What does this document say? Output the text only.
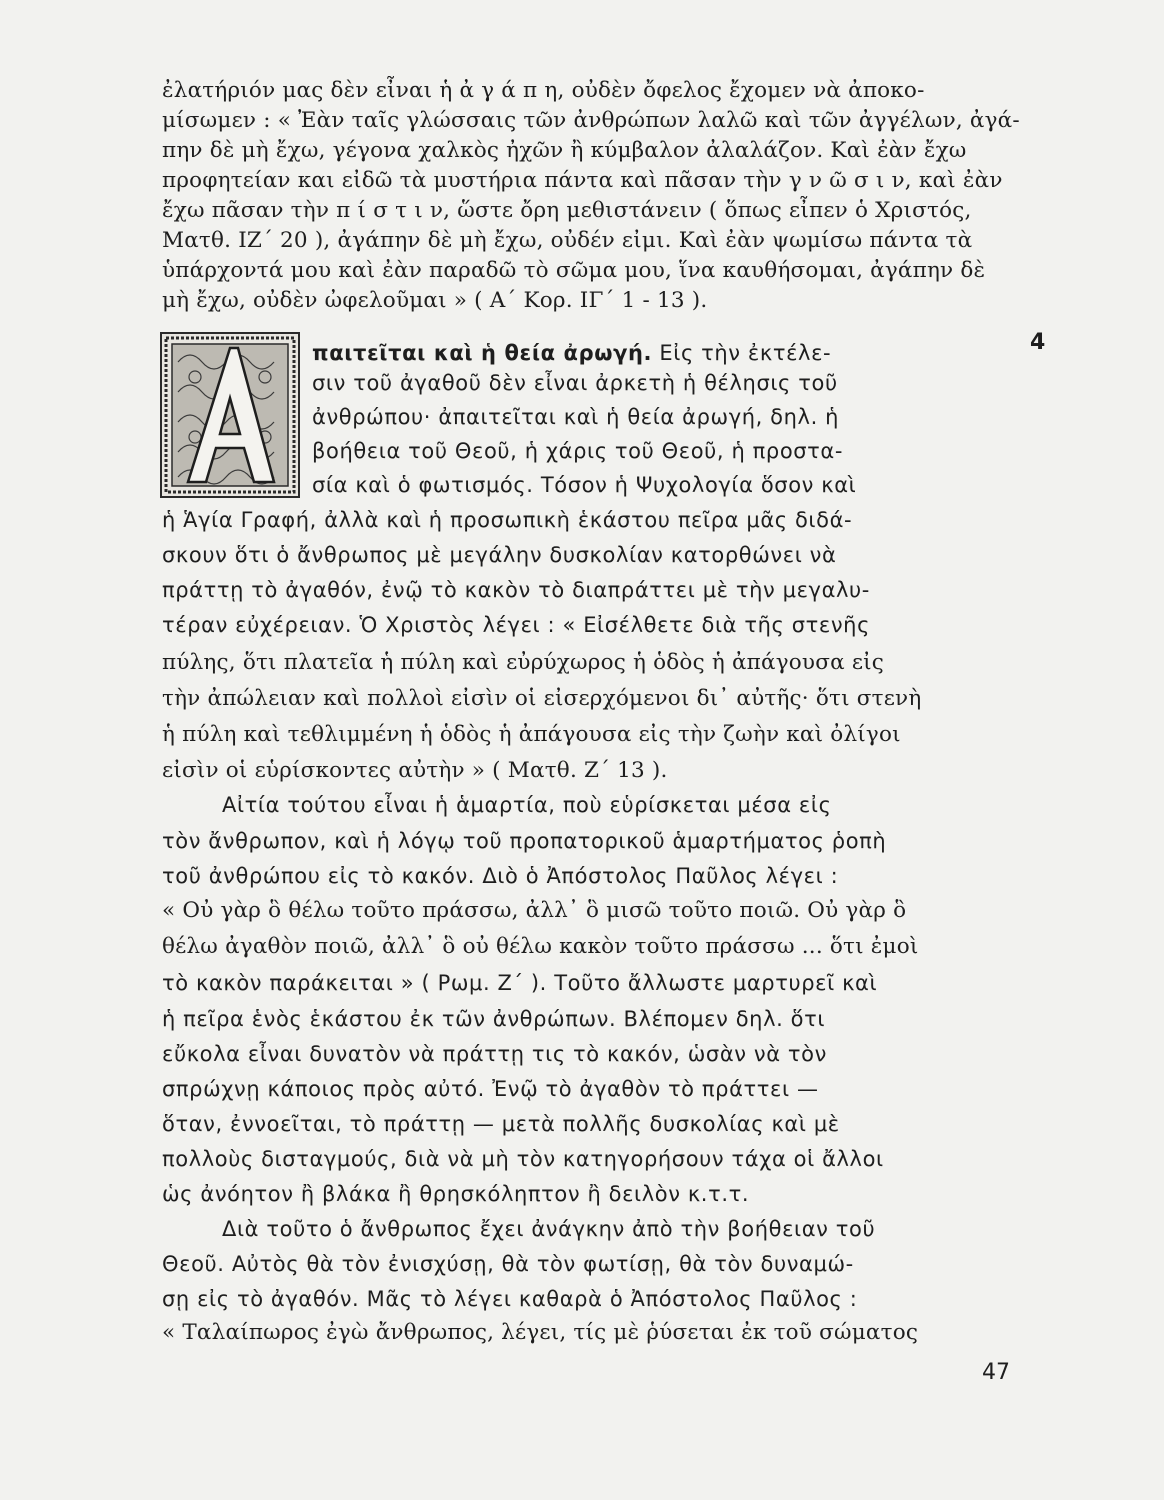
ἐλατήριόν μας δὲν εἶναι ἡ ἀ γ ά π η, οὐδὲν ὄφελος ἔχομεν νὰ ἀποκο-
μίσωμεν : « Ἐὰν ταῖς γλώσσαις τῶν ἀνθρώπων λαλῶ καὶ τῶν ἀγγέλων, ἀγά-
πην δὲ μὴ ἔχω, γέγονα χαλκὸς ἠχῶν ἢ κύμβαλον ἀλαλάζον. Καὶ ἐὰν ἔχω
προφητείαν και εἰδῶ τὰ μυστήρια πάντα καὶ πᾶσαν τὴν γ ν ῶ σ ι ν, καὶ ἐὰν
ἔχω πᾶσαν τὴν π ί σ τ ι ν, ὥστε ὄρη μεθιστάνειν ( ὅπως εἶπεν ὁ Χριστός,
Ματθ. ΙΖ΄ 20 ), ἀγάπην δὲ μὴ ἔχω, οὐδέν εἰμι. Καὶ ἐὰν ψωμίσω πάντα τὰ
ὑπάρχοντά μου καὶ ἐὰν παραδῶ τὸ σῶμα μου, ἵνα καυθήσομαι, ἀγάπην δὲ
μὴ ἔχω, οὐδὲν ὠφελοῦμαι » ( Α΄ Κορ. ΙΓ΄ 1 - 13 ).
παιτεῖται καὶ ἡ θεία ἀρωγή. Εἰς τὴν ἐκτέλε-	4
σιν τοῦ ἀγαθοῦ δὲν εἶναι ἀρκετὴ ἡ θέλησις τοῦ
ἀνθρώπου· ἀπαιτεῖται καὶ ἡ θεία ἀρωγή, δηλ. ἡ
βοήθεια τοῦ Θεοῦ, ἡ χάρις τοῦ Θεοῦ, ἡ προστα-
σία καὶ ὁ φωτισμός. Τόσον ἡ Ψυχολογία ὅσον καὶ
ἡ Ἁγία Γραφή, ἀλλὰ καὶ ἡ προσωπικὴ ἑκάστου πεῖρα μᾶς διδά-
σκουν ὅτι ὁ ἄνθρωπος μὲ μεγάλην δυσκολίαν κατορθώνει νὰ
πράττῃ τὸ ἀγαθόν, ἐνῷ τὸ κακὸν τὸ διαπράττει μὲ τὴν μεγαλυ-
τέραν εὐχέρειαν. Ὁ Χριστὸς λέγει : « Εἰσέλθετε διὰ τῆς στενῆς
πύλης, ὅτι πλατεῖα ἡ πύλη καὶ εὐρύχωρος ἡ ὁδὸς ἡ ἀπάγουσα εἰς
τὴν ἀπώλειαν καὶ πολλοὶ εἰσὶν οἱ εἰσερχόμενοι δι᾿ αὐτῆς· ὅτι στενὴ
ἡ πύλη καὶ τεθλιμμένη ἡ ὁδὸς ἡ ἀπάγουσα εἰς τὴν ζωὴν καὶ ὀλίγοι
εἰσὶν οἱ εὑρίσκοντες αὐτὴν » ( Ματθ. Ζ΄ 13 ).
Αἰτία τούτου εἶναι ἡ ἁμαρτία, ποὺ εὑρίσκεται μέσα εἰς
τὸν ἄνθρωπον, καὶ ἡ λόγῳ τοῦ προπατορικοῦ ἁμαρτήματος ῥοπὴ
τοῦ ἀνθρώπου εἰς τὸ κακόν. Διὸ ὁ Ἀπόστολος Παῦλος λέγει :
« Οὐ γὰρ ὃ θέλω τοῦτο πράσσω, ἀλλ᾿ ὃ μισῶ τοῦτο ποιῶ. Οὐ γὰρ ὃ
θέλω ἀγαθὸν ποιῶ, ἀλλ᾿ ὃ οὐ θέλω κακὸν τοῦτο πράσσω ... ὅτι ἐμοὶ
τὸ κακὸν παράκειται » ( Ρωμ. Ζ΄ ). Τοῦτο ἄλλωστε μαρτυρεῖ καὶ
ἡ πεῖρα ἑνὸς ἑκάστου ἐκ τῶν ἀνθρώπων. Βλέπομεν δηλ. ὅτι
εὔκολα εἶναι δυνατὸν νὰ πράττῃ τις τὸ κακόν, ὡσὰν νὰ τὸν
σπρώχνῃ κάποιος πρὸς αὐτό. Ἐνῷ τὸ ἀγαθὸν τὸ πράττει —
ὅταν, ἐννοεῖται, τὸ πράττῃ — μετὰ πολλῆς δυσκολίας καὶ μὲ
πολλοὺς δισταγμούς, διὰ νὰ μὴ τὸν κατηγορήσουν τάχα οἱ ἄλλοι
ὡς ἀνόητον ἢ βλάκα ἢ θρησκόληπτον ἢ δειλὸν κ.τ.τ.
Διὰ τοῦτο ὁ ἄνθρωπος ἔχει ἀνάγκην ἀπὸ τὴν βοήθειαν τοῦ
Θεοῦ. Αὐτὸς θὰ τὸν ἐνισχύσῃ, θὰ τὸν φωτίσῃ, θὰ τὸν δυναμώ-
σῃ εἰς τὸ ἀγαθόν. Μᾶς τὸ λέγει καθαρὰ ὁ Ἀπόστολος Παῦλος :
« Ταλαίπωρος ἐγὼ ἄνθρωπος, λέγει, τίς μὲ ῥύσεται ἐκ τοῦ σώματος
47
